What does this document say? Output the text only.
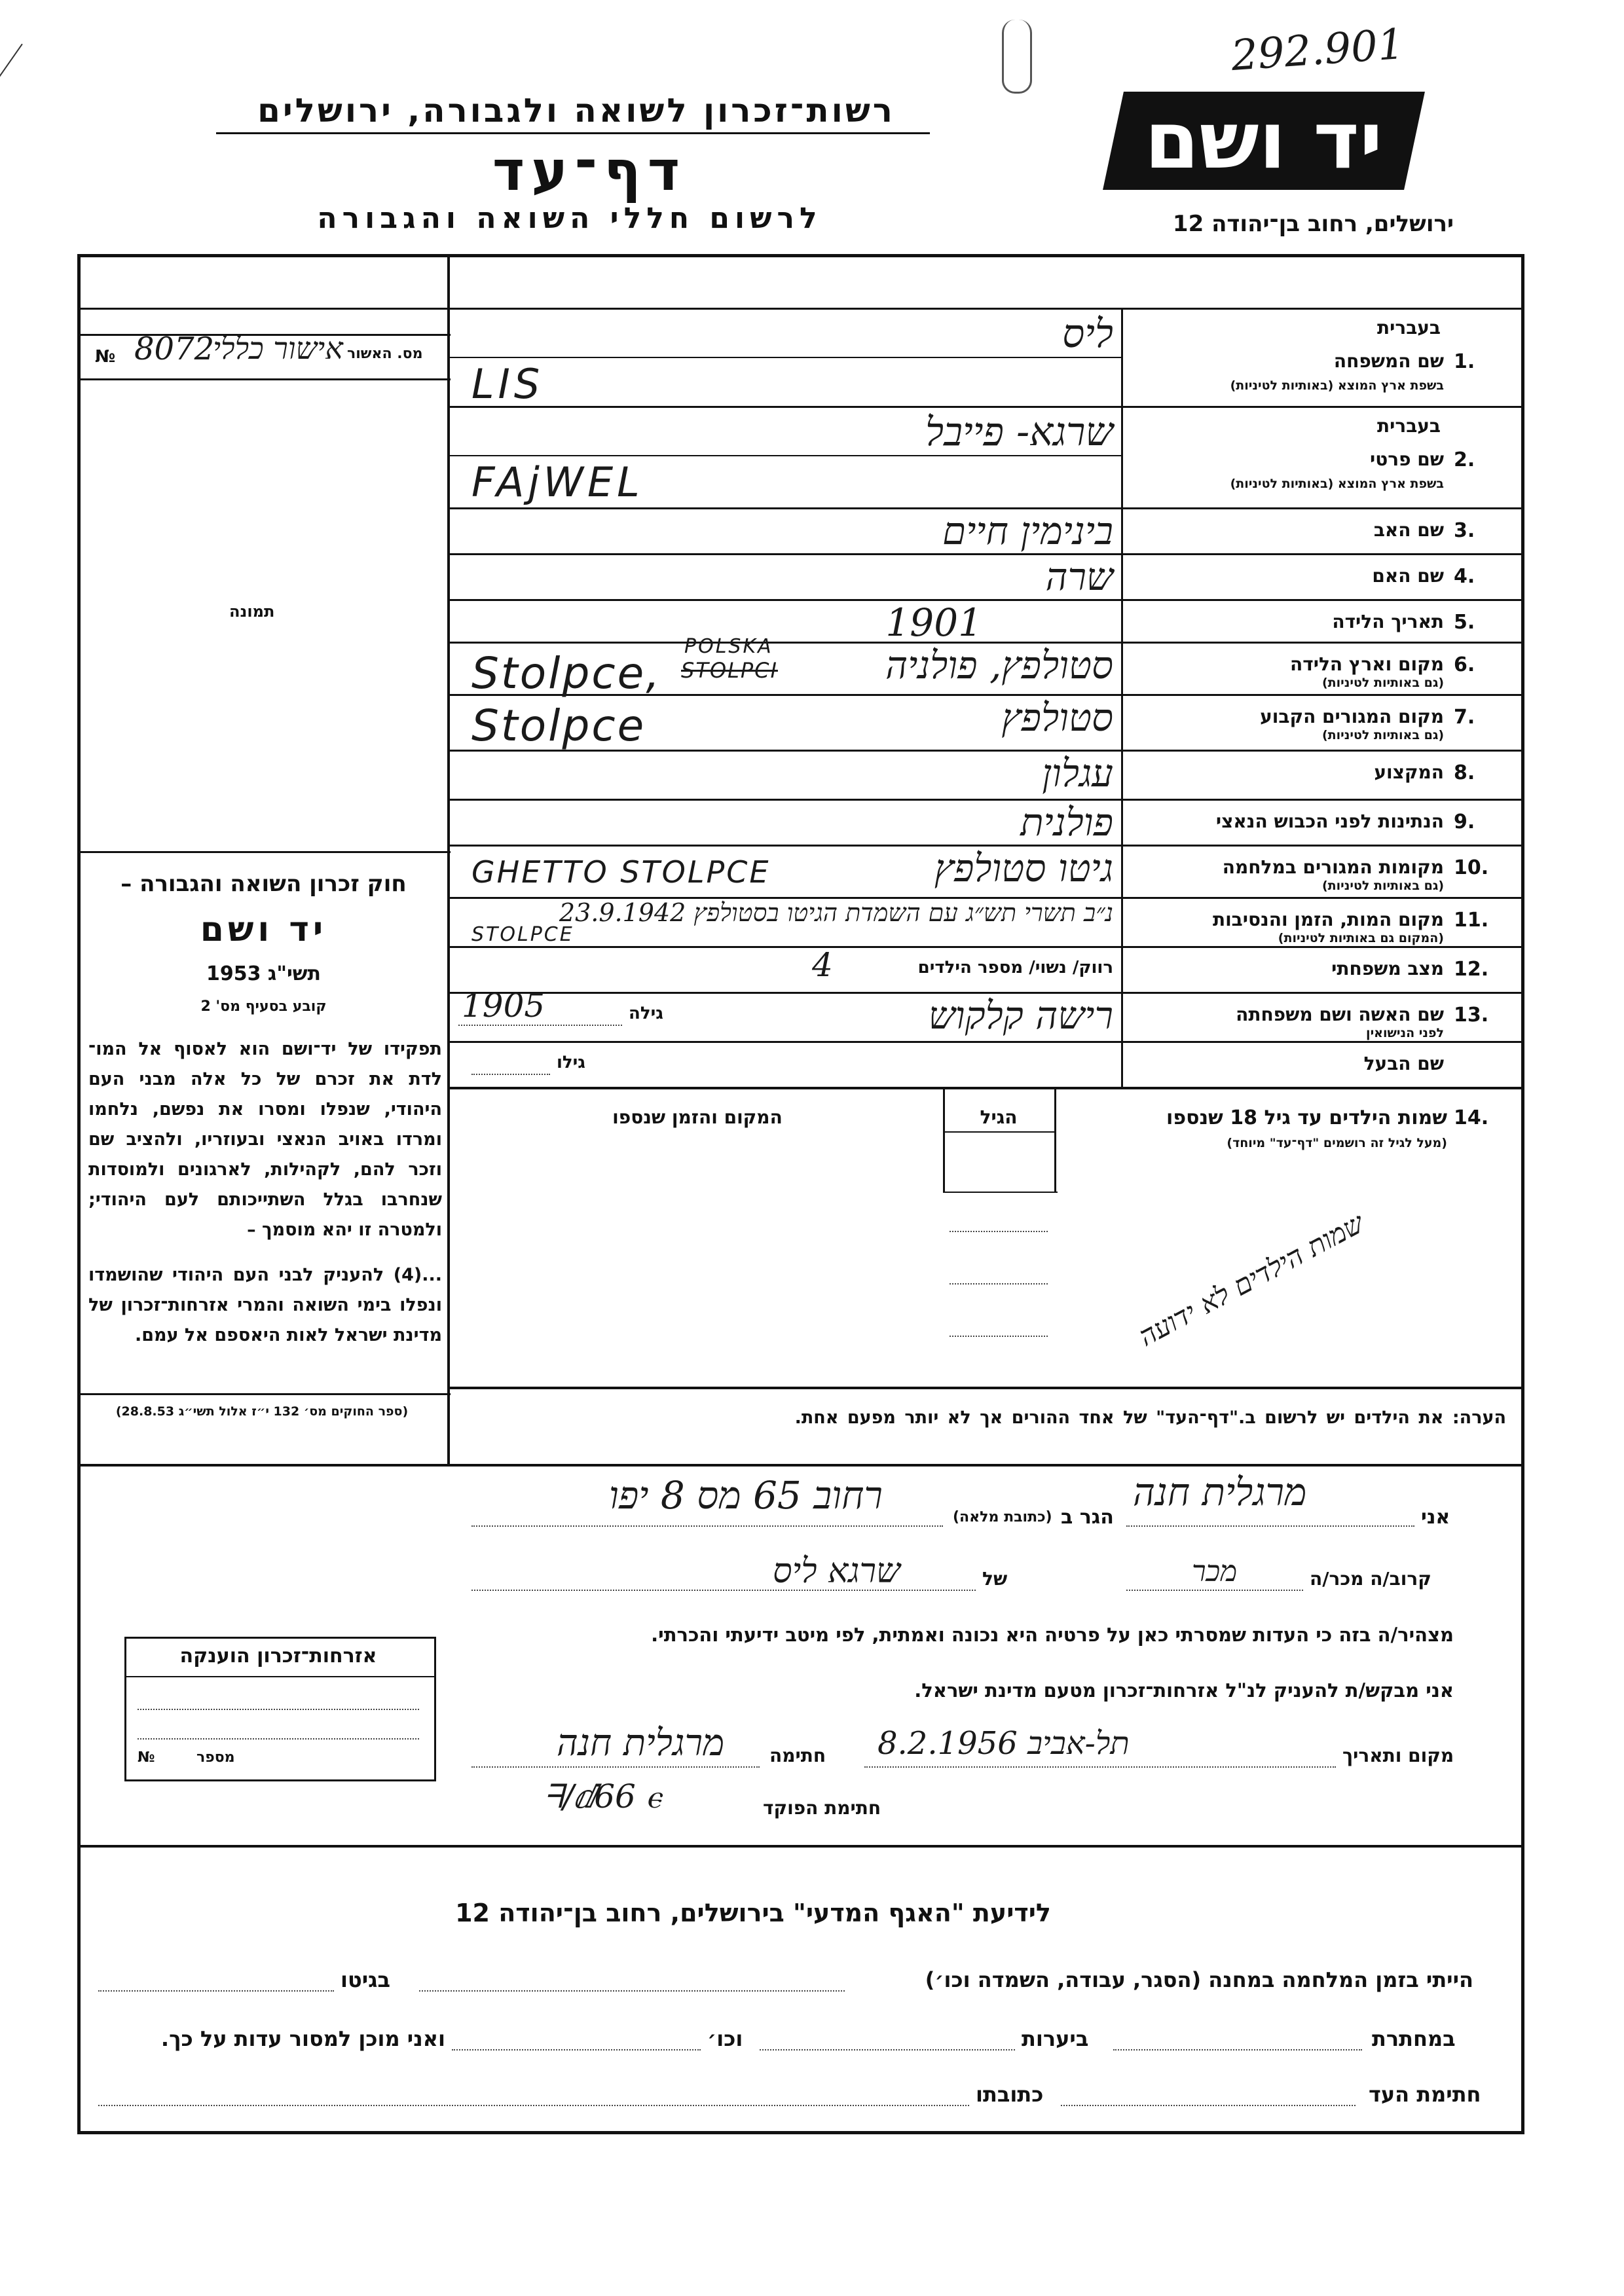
292.901
יד ושם
ירושלים, רחוב בן־יהודה 12
רשות־זכרון לשואה ולגבורה, ירושלים
דף־עד
לרשום חללי השואה והגבורה
מס. האשור
8072
אישור כללי
№
תמונה
חוק זכרון השואה והגבורה –
יד ושם
תשי"ג 1953
קובע בסעיף מס' 2
תפקידו של יד־ושם הוא לאסוף אל המו־ לדת את זכרם של כל אלה מבני העם היהודי, שנפלו ומסרו את נפשם, נלחמו ומרדו באויב הנאצי ובעוזריו, ולהציב שם וזכר להם, לקהילות, לארגונים ולמוסדות שנחרבו בגלל השתייכותם לעם היהודי; ולמטרה זו יהא מוסמך –
...(4) להעניק לבני העם היהודי שהושמדו ונפלו בימי השואה והמרי אזרחות־זכרון של מדינת ישראל לאות היאספם אל עמם.
(ספר החוקים מס׳ 132 י״ז אלול תשי״ג 28.8.53)
בעברית
1.
שם המשפחה
בשפת ארץ המוצא (באותיות לטיניות)
ליס
LIS
בעברית
2.
שם פרטי
בשפת ארץ המוצא (באותיות לטיניות)
שרגא- פייבל
FAjWEL
3.
שם האב
בינימין חיים
4.
שם האם
שרה
5.
תאריך הלידה
1901
6.
מקום וארץ הלידה
(גם באותיות לטיניות)
סטולפץ, פולניה
Stolpce,
POLSKA
STOLPCI
7.
מקום המגורים הקבוע
(גם באותיות לטיניות)
סטולפץ
Stolpce
8.
המקצוע
עגלון
9.
הנתינות לפני הכבוש הנאצי
פולנית
10.
מקומות המגורים במלחמה
(גם באותיות לטיניות)
גיטו סטולפץ
GHETTO STOLPCE
11.
מקום המות, הזמן והנסיבות
(המקום גם באותיות לטיניות)
נ״ב תשרי תש״ג עם השמדת הגיטו בסטולפץ 23.9.1942
STOLPCE
12.
מצב משפחתי
רווק/ נשוי/ מספר הילדים
4
13.
שם האשה ושם משפחתה
לפני הנישואין
רישה קלקוש
גילה
1905
שם הבעל
גילו
14.
שמות הילדים עד גיל 18 שנספו
(מעל לגיל זה רושמים "דף־עד" מיוחד)
הגיל
המקום והזמן שנספו
שמות הילדים לא ידועה
הערה: את הילדים יש לרשום ב."דף־העד" של אחד ההורים אך לא יותר מפעם אחת.
אני
מרגלית חנה
הגר ב
(כתובת מלאה)
רחוב 65 מס 8 יפו
קרוב/ה מכר/ה
מכר
של
שרגא ליס
מצהיר/ה בזה כי העדות שמסרתי כאן על פרטיה היא נכונה ואמתית, לפי מיטב ידיעתי והכרתי.
אני מבקש/ת להעניק לנ"ל אזרחות־זכרון מטעם מדינת ישראל.
מקום ותאריך
תל-אביב 8.2.1956
חתימה
מרגלית חנה
חתימת הפוקד
ᖷ/ⅆ66 ⲉ
אזרחות־זכרון הוענקה
מספר
№
לידיעת "האגף המדעי" בירושלים, רחוב בן־יהודה 12
הייתי בזמן המלחמה במחנה (הסגר, עבודה, השמדה וכו׳)
בגיטו
במחתרת
ביערות
וכו׳
ואני מוכן למסור עדות על כך.
חתימת העד
כתובתו
